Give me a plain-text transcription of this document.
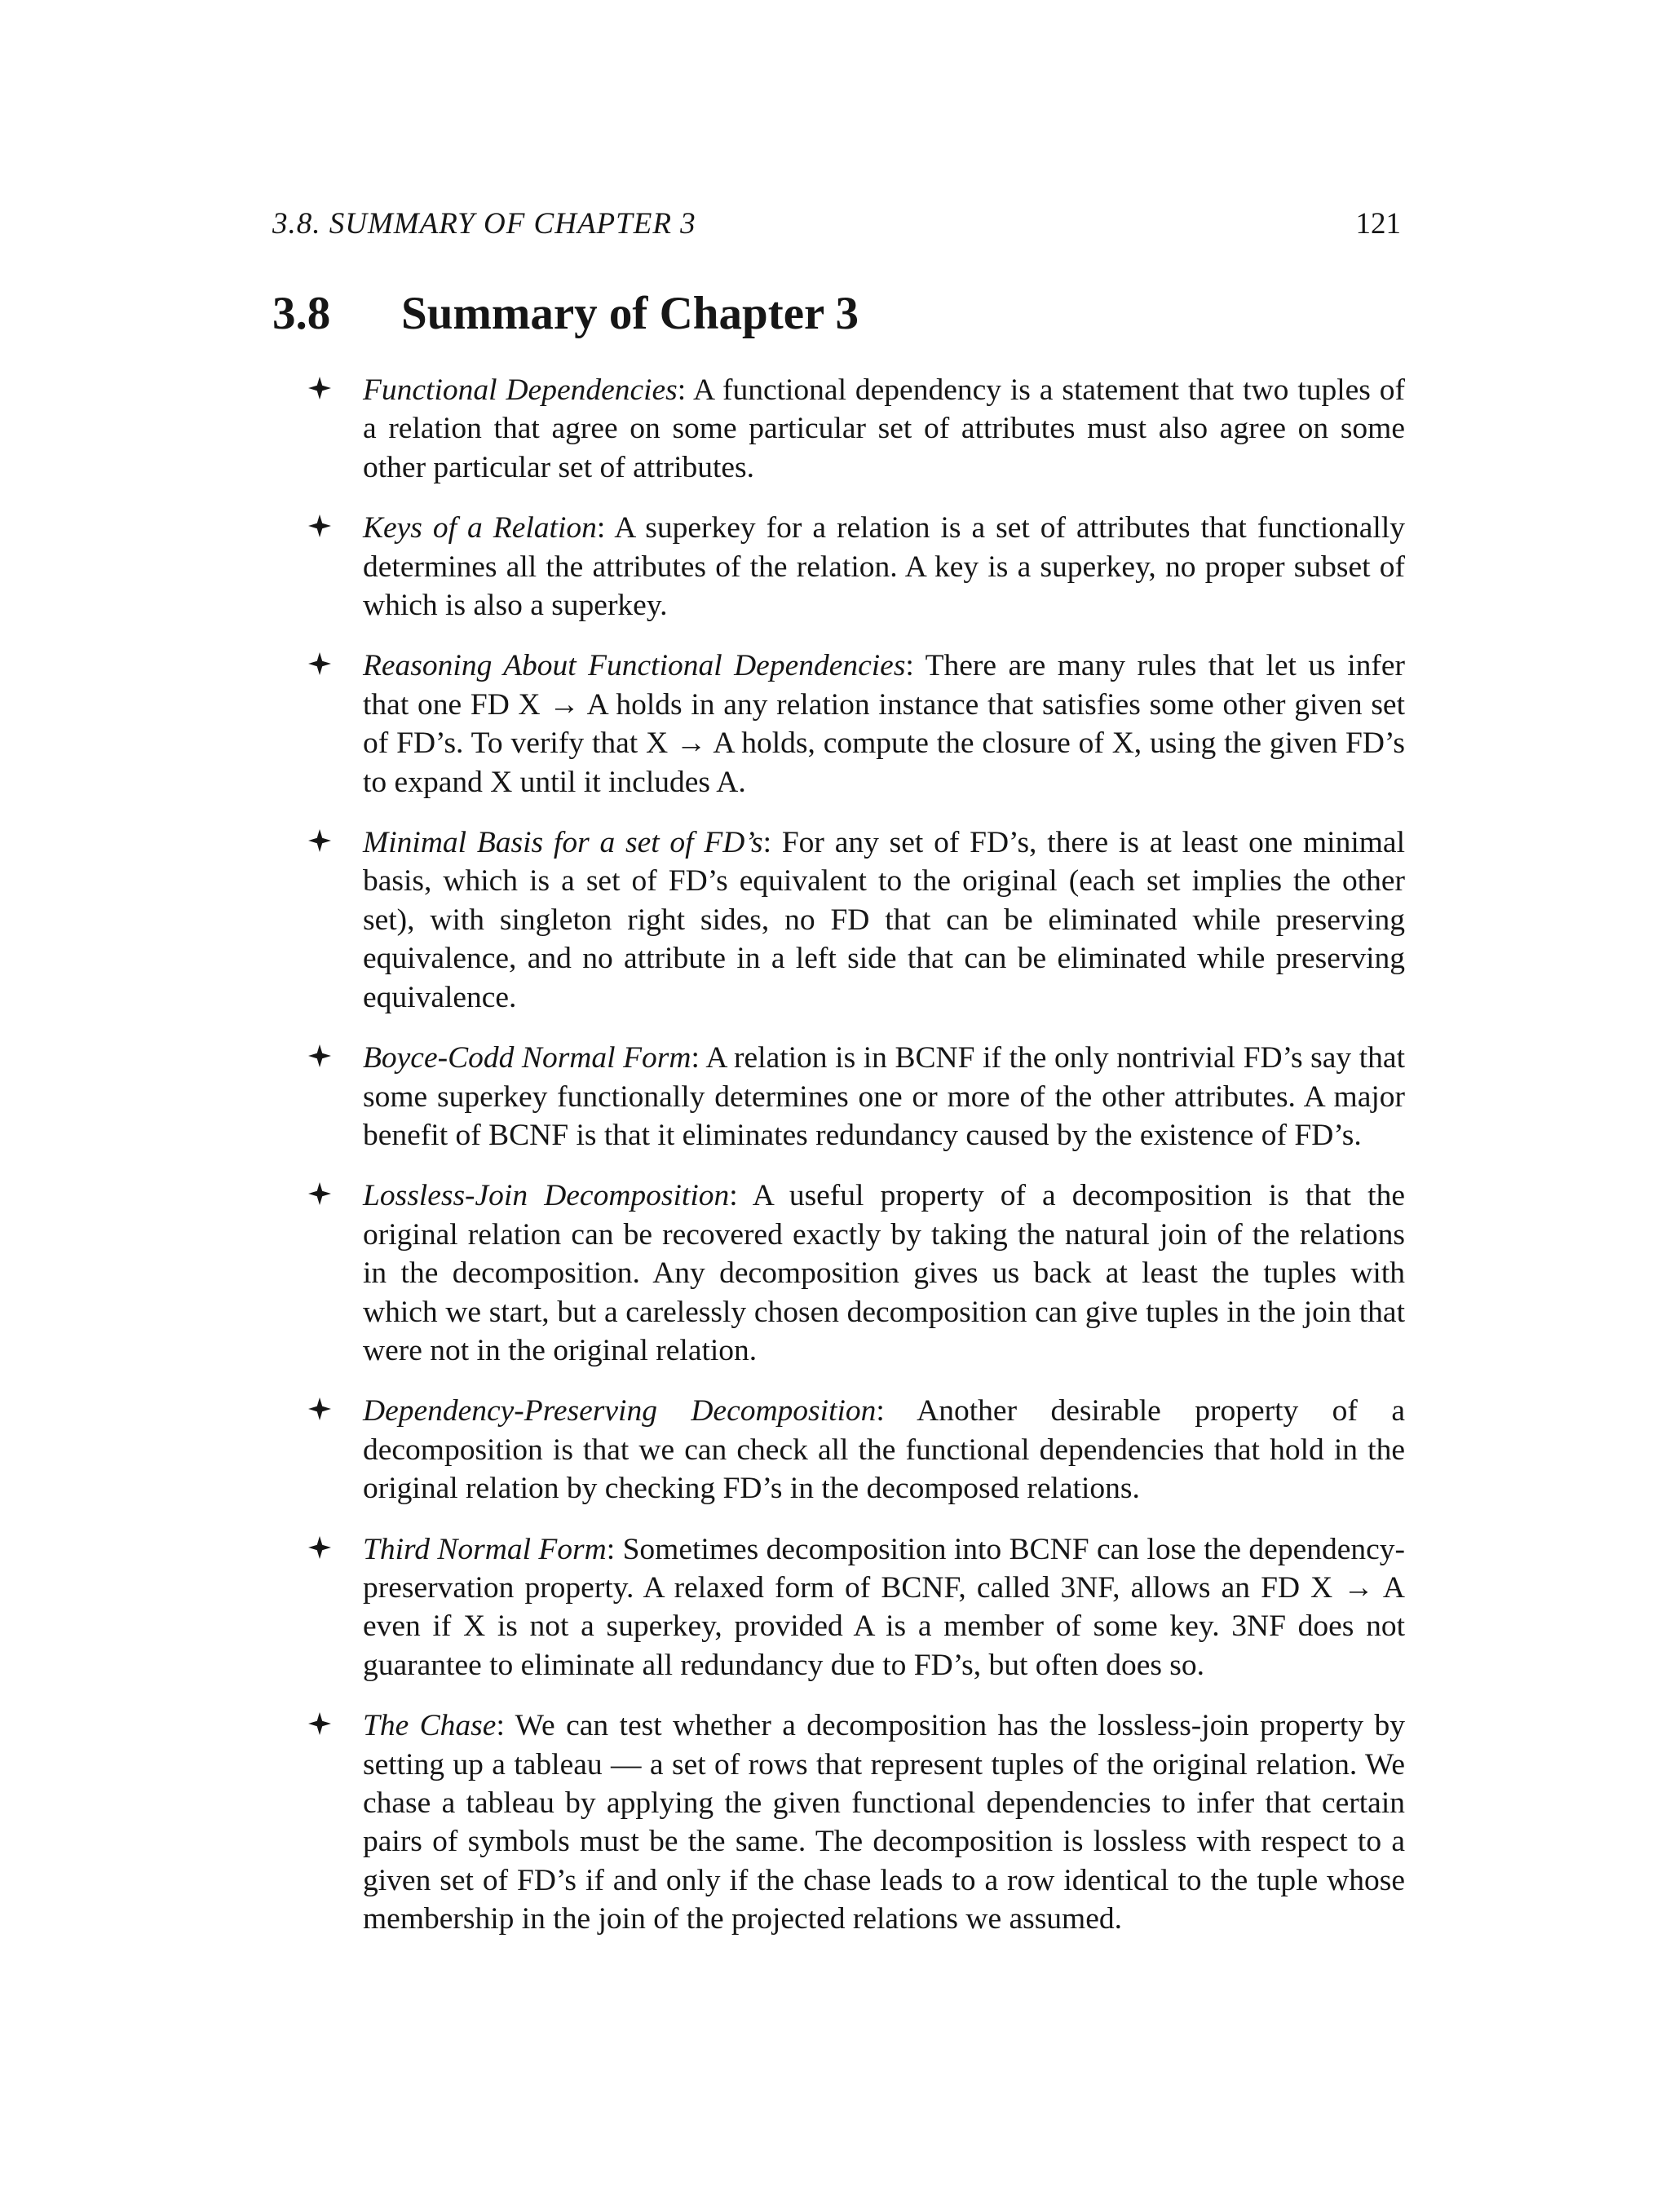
3.8. SUMMARY OF CHAPTER 3	121
3.8 Summary of Chapter 3
Functional Dependencies: A functional dependency is a statement that two tuples of a relation that agree on some particular set of attributes must also agree on some other particular set of attributes.
Keys of a Relation: A superkey for a relation is a set of attributes that functionally determines all the attributes of the relation. A key is a superkey, no proper subset of which is also a superkey.
Reasoning About Functional Dependencies: There are many rules that let us infer that one FD X → A holds in any relation instance that satisfies some other given set of FD’s. To verify that X → A holds, compute the closure of X, using the given FD’s to expand X until it includes A.
Minimal Basis for a set of FD’s: For any set of FD’s, there is at least one minimal basis, which is a set of FD’s equivalent to the original (each set implies the other set), with singleton right sides, no FD that can be eliminated while preserving equivalence, and no attribute in a left side that can be eliminated while preserving equivalence.
Boyce-Codd Normal Form: A relation is in BCNF if the only nontrivial FD’s say that some superkey functionally determines one or more of the other attributes. A major benefit of BCNF is that it eliminates redundancy caused by the existence of FD’s.
Lossless-Join Decomposition: A useful property of a decomposition is that the original relation can be recovered exactly by taking the natural join of the relations in the decomposition. Any decomposition gives us back at least the tuples with which we start, but a carelessly chosen decomposition can give tuples in the join that were not in the original relation.
Dependency-Preserving Decomposition: Another desirable property of a decomposition is that we can check all the functional dependencies that hold in the original relation by checking FD’s in the decomposed relations.
Third Normal Form: Sometimes decomposition into BCNF can lose the dependency-preservation property. A relaxed form of BCNF, called 3NF, allows an FD X → A even if X is not a superkey, provided A is a member of some key. 3NF does not guarantee to eliminate all redundancy due to FD’s, but often does so.
The Chase: We can test whether a decomposition has the lossless-join property by setting up a tableau — a set of rows that represent tuples of the original relation. We chase a tableau by applying the given functional dependencies to infer that certain pairs of symbols must be the same. The decomposition is lossless with respect to a given set of FD’s if and only if the chase leads to a row identical to the tuple whose membership in the join of the projected relations we assumed.
